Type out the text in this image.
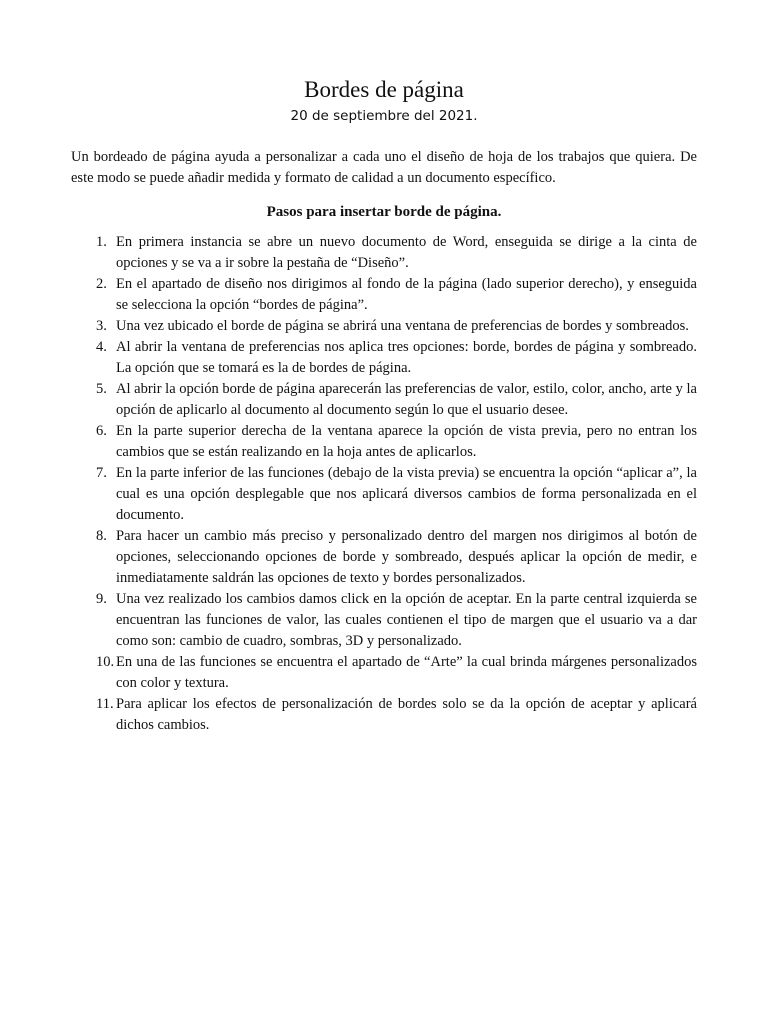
Bordes de página

20 de septiembre del 2021.

Un bordeado de página ayuda a personalizar a cada uno el diseño de hoja de los trabajos que quiera. De este modo se puede añadir medida y formato de calidad a un documento específico.

Pasos para insertar borde de página.
1. En primera instancia se abre un nuevo documento de Word, enseguida se dirige a la cinta de opciones y se va a ir sobre la pestaña de “Diseño”.
2. En el apartado de diseño nos dirigimos al fondo de la página (lado superior derecho), y enseguida se selecciona la opción “bordes de página”.
3. Una vez ubicado el borde de página se abrirá una ventana de preferencias de bordes y sombreados.
4. Al abrir la ventana de preferencias nos aplica tres opciones: borde, bordes de página y sombreado. La opción que se tomará es la de bordes de página.
5. Al abrir la opción borde de página aparecerán las preferencias de valor, estilo, color, ancho, arte y la opción de aplicarlo al documento al documento según lo que el usuario desee.
6. En la parte superior derecha de la ventana aparece la opción de vista previa, pero no entran los cambios que se están realizando en la hoja antes de aplicarlos.
7. En la parte inferior de las funciones (debajo de la vista previa) se encuentra la opción “aplicar a”, la cual es una opción desplegable que nos aplicará diversos cambios de forma personalizada en el documento.
8. Para hacer un cambio más preciso y personalizado dentro del margen nos dirigimos al botón de opciones, seleccionando opciones de borde y sombreado, después aplicar la opción de medir, e inmediatamente saldrán las opciones de texto y bordes personalizados.
9. Una vez realizado los cambios damos click en la opción de aceptar. En la parte central izquierda se encuentran las funciones de valor, las cuales contienen el tipo de margen que el usuario va a dar como son: cambio de cuadro, sombras, 3D y personalizado.
10. En una de las funciones se encuentra el apartado de “Arte” la cual brinda márgenes personalizados con color y textura.
11. Para aplicar los efectos de personalización de bordes solo se da la opción de aceptar y aplicará dichos cambios.
